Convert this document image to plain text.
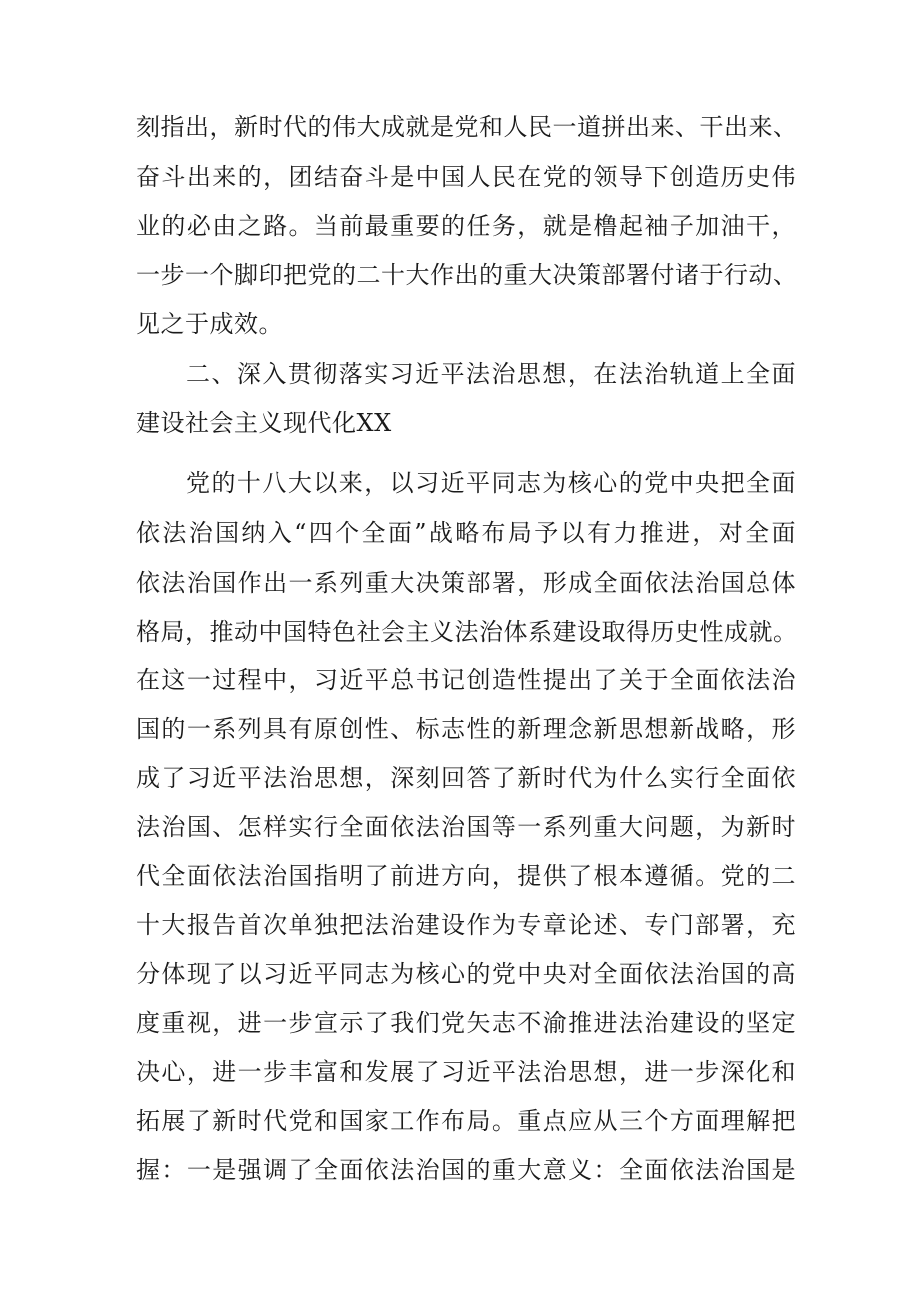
刻指出，新时代的伟大成就是党和人民一道拼出来、干出来、
奋斗出来的，团结奋斗是中国人民在党的领导下创造历史伟
业的必由之路。当前最重要的任务，就是橹起袖子加油干，
一步一个脚印把党的二十大作出的重大决策部署付诸于行动、
见之于成效。
二、深入贯彻落实习近平法治思想，在法治轨道上全面
建设社会主义现代化XX
党的十八大以来，以习近平同志为核心的党中央把全面
依法治国纳入“四个全面”战略布局予以有力推进，对全面
依法治国作出一系列重大决策部署，形成全面依法治国总体
格局，推动中国特色社会主义法治体系建设取得历史性成就。
在这一过程中，习近平总书记创造性提出了关于全面依法治
国的一系列具有原创性、标志性的新理念新思想新战略，形
成了习近平法治思想，深刻回答了新时代为什么实行全面依
法治国、怎样实行全面依法治国等一系列重大问题，为新时
代全面依法治国指明了前进方向，提供了根本遵循。党的二
十大报告首次单独把法治建设作为专章论述、专门部署，充
分体现了以习近平同志为核心的党中央对全面依法治国的高
度重视，进一步宣示了我们党矢志不渝推进法治建设的坚定
决心，进一步丰富和发展了习近平法治思想，进一步深化和
拓展了新时代党和国家工作布局。重点应从三个方面理解把
握：一是强调了全面依法治国的重大意义：全面依法治国是
